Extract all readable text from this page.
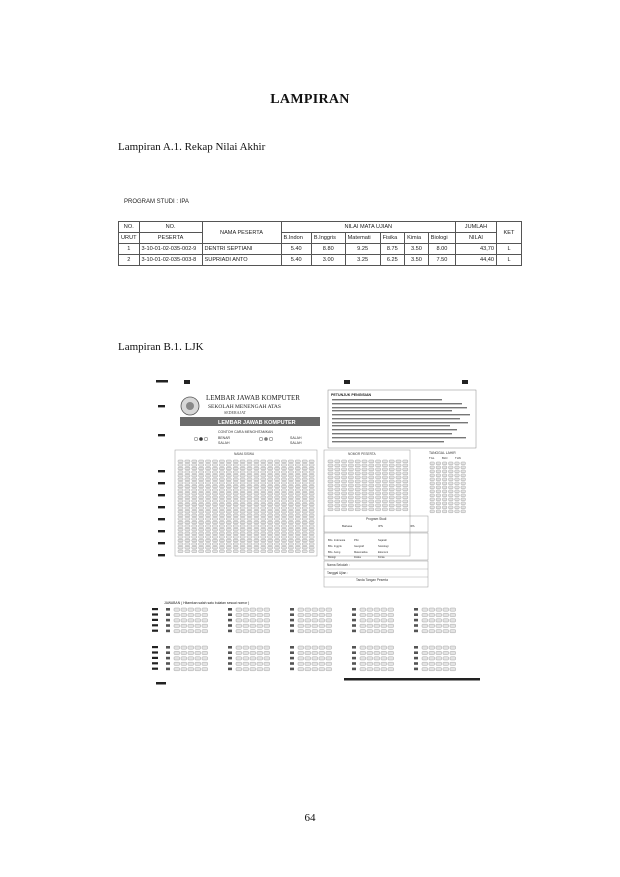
LAMPIRAN
Lampiran A.1. Rekap Nilai Akhir
PROGRAM STUDI : IPA
NO.	NO.	NAMA PESERTA	NILAI MATA UJIAN						JUMLAH	KET
URUT	PESERTA		B.Indon	B.Inggris	Matemati	Fisika	Kimia	Biologi	NILAI	
1	3-10-01-02-035-002-9	DENTRI SEPTIANI	5.40	8.80	9.25	8.75	3.50	8.00	43,70	L
2	3-10-01-02-035-003-8	SUPRIADI ANTO	5.40	3.00	3.25	6.25	3.50	7.50	44,40	L
Lampiran B.1. LJK
LEMBAR JAWAB KOMPUTER
SEKOLAH MENENGAH ATAS
SEDERAJAT
LEMBAR JAWAB KOMPUTER
CONTOH CARA MENGHITAMKAN
BENAR
SALAH
SALAH
SALAH
PETUNJUK PENGISIAN
NAMA SISWA	NOMOR PESERTA	TANGGAL LAHIR
TGL	BLN	THN
Program Studi
Bahasa	IPS	IPA
Bhs. Indonesia	PKn	Sejarah
Bhs. Inggris	Geografi	Sosiologi
Bhs. Asing	Matematika	Ekonomi
Biologi	Fisika	Kimia
Nama Sekolah :
Tanggal Ujian :
Tanda Tangan Peserta
JAWABAN ( Hitamkan salah satu bulatan sesuai nomor )
64
